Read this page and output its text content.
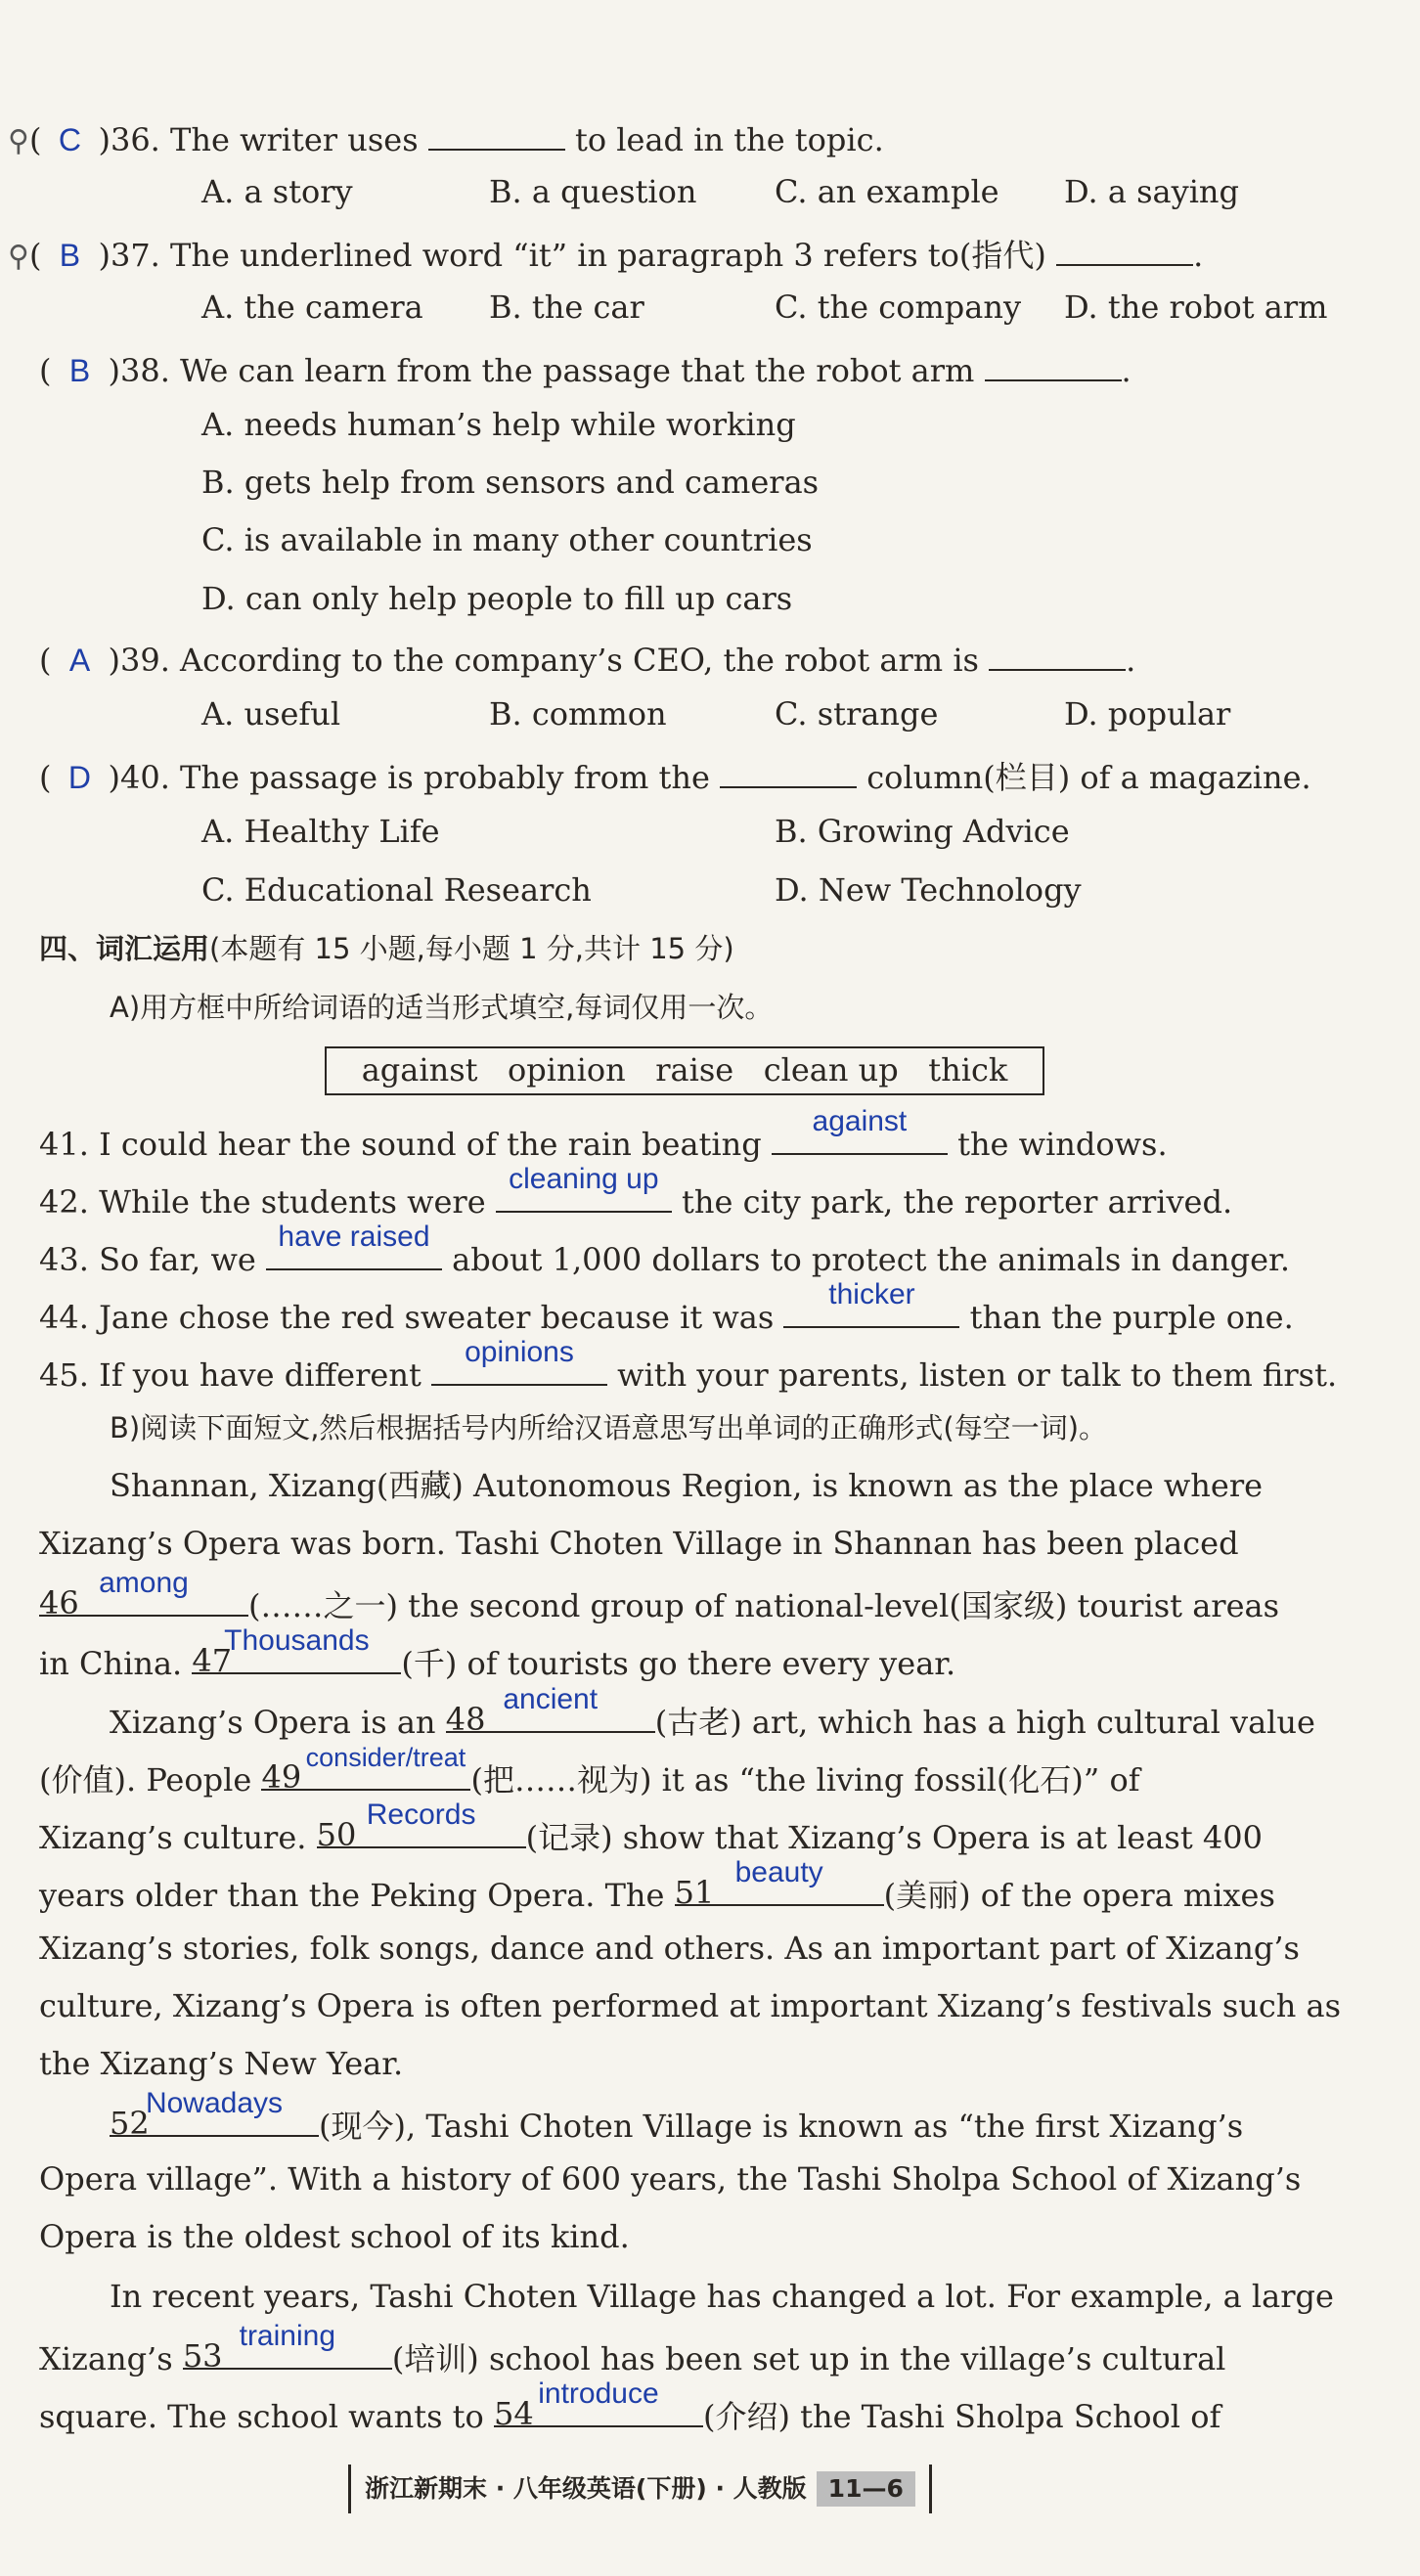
⚲( C )36. The writer uses	to lead in the topic.
A. a story	B. a question C. an example D. a saying
⚲( B )37. The underlined word “it” in paragraph 3 refers to(指代)	.
A. the camera B. the car	C. the company D. the robot arm
( B )38. We can learn from the passage that the robot arm	.
A. needs human’s help while working
B. gets help from sensors and cameras
C. is available in many other countries
D. can only help people to fill up cars
( A )39. According to the company’s CEO, the robot arm is	.
A. useful	B. common	C. strange	D. popular
( D )40. The passage is probably from the	column(栏目) of a magazine.
A. Healthy Life	B. Growing Advice
C. Educational Research	D. New Technology
四、词汇运用(本题有 15 小题,每小题 1 分,共计 15 分)
A)用方框中所给词语的适当形式填空,每词仅用一次。
against   opinion   raise   clean up   thick
41. I could hear the sound of the rain beating
against
the windows.
42. While the students were
cleaning up
the city park, the reporter arrived.
43. So far, we
have raised
about 1,000 dollars to protect the animals in danger.
44. Jane chose the red sweater because it was
thicker
than the purple one.
45. If you have different
opinions
with your parents, listen or talk to them first.
B)阅读下面短文,然后根据括号内所给汉语意思写出单词的正确形式(每空一词)。
Shannan, Xizang(西藏) Autonomous Region, is known as the place where
Xizang’s Opera was born. Tashi Choten Village in Shannan has been placed
46
among
(……之一) the second group of national-level(国家级) tourist areas
in China. 47
Thousands
(千) of tourists go there every year.
Xizang’s Opera is an 48
ancient
(古老) art, which has a high cultural value
(价值). People 49
consider/treat
(把……视为) it as “the living fossil(化石)” of
Xizang’s culture. 50
Records
(记录) show that Xizang’s Opera is at least 400
years older than the Peking Opera. The 51
beauty
(美丽) of the opera mixes
Xizang’s stories, folk songs, dance and others. As an important part of Xizang’s
culture, Xizang’s Opera is often performed at important Xizang’s festivals such as
the Xizang’s New Year.
52
Nowadays
(现今), Tashi Choten Village is known as “the first Xizang’s
Opera village”. With a history of 600 years, the Tashi Sholpa School of Xizang’s
Opera is the oldest school of its kind.
In recent years, Tashi Choten Village has changed a lot. For example, a large
Xizang’s 53
training
(培训) school has been set up in the village’s cultural
square. The school wants to 54
introduce
(介绍) the Tashi Sholpa School of
浙江新期末 · 八年级英语(下册) · 人教版 11—6
